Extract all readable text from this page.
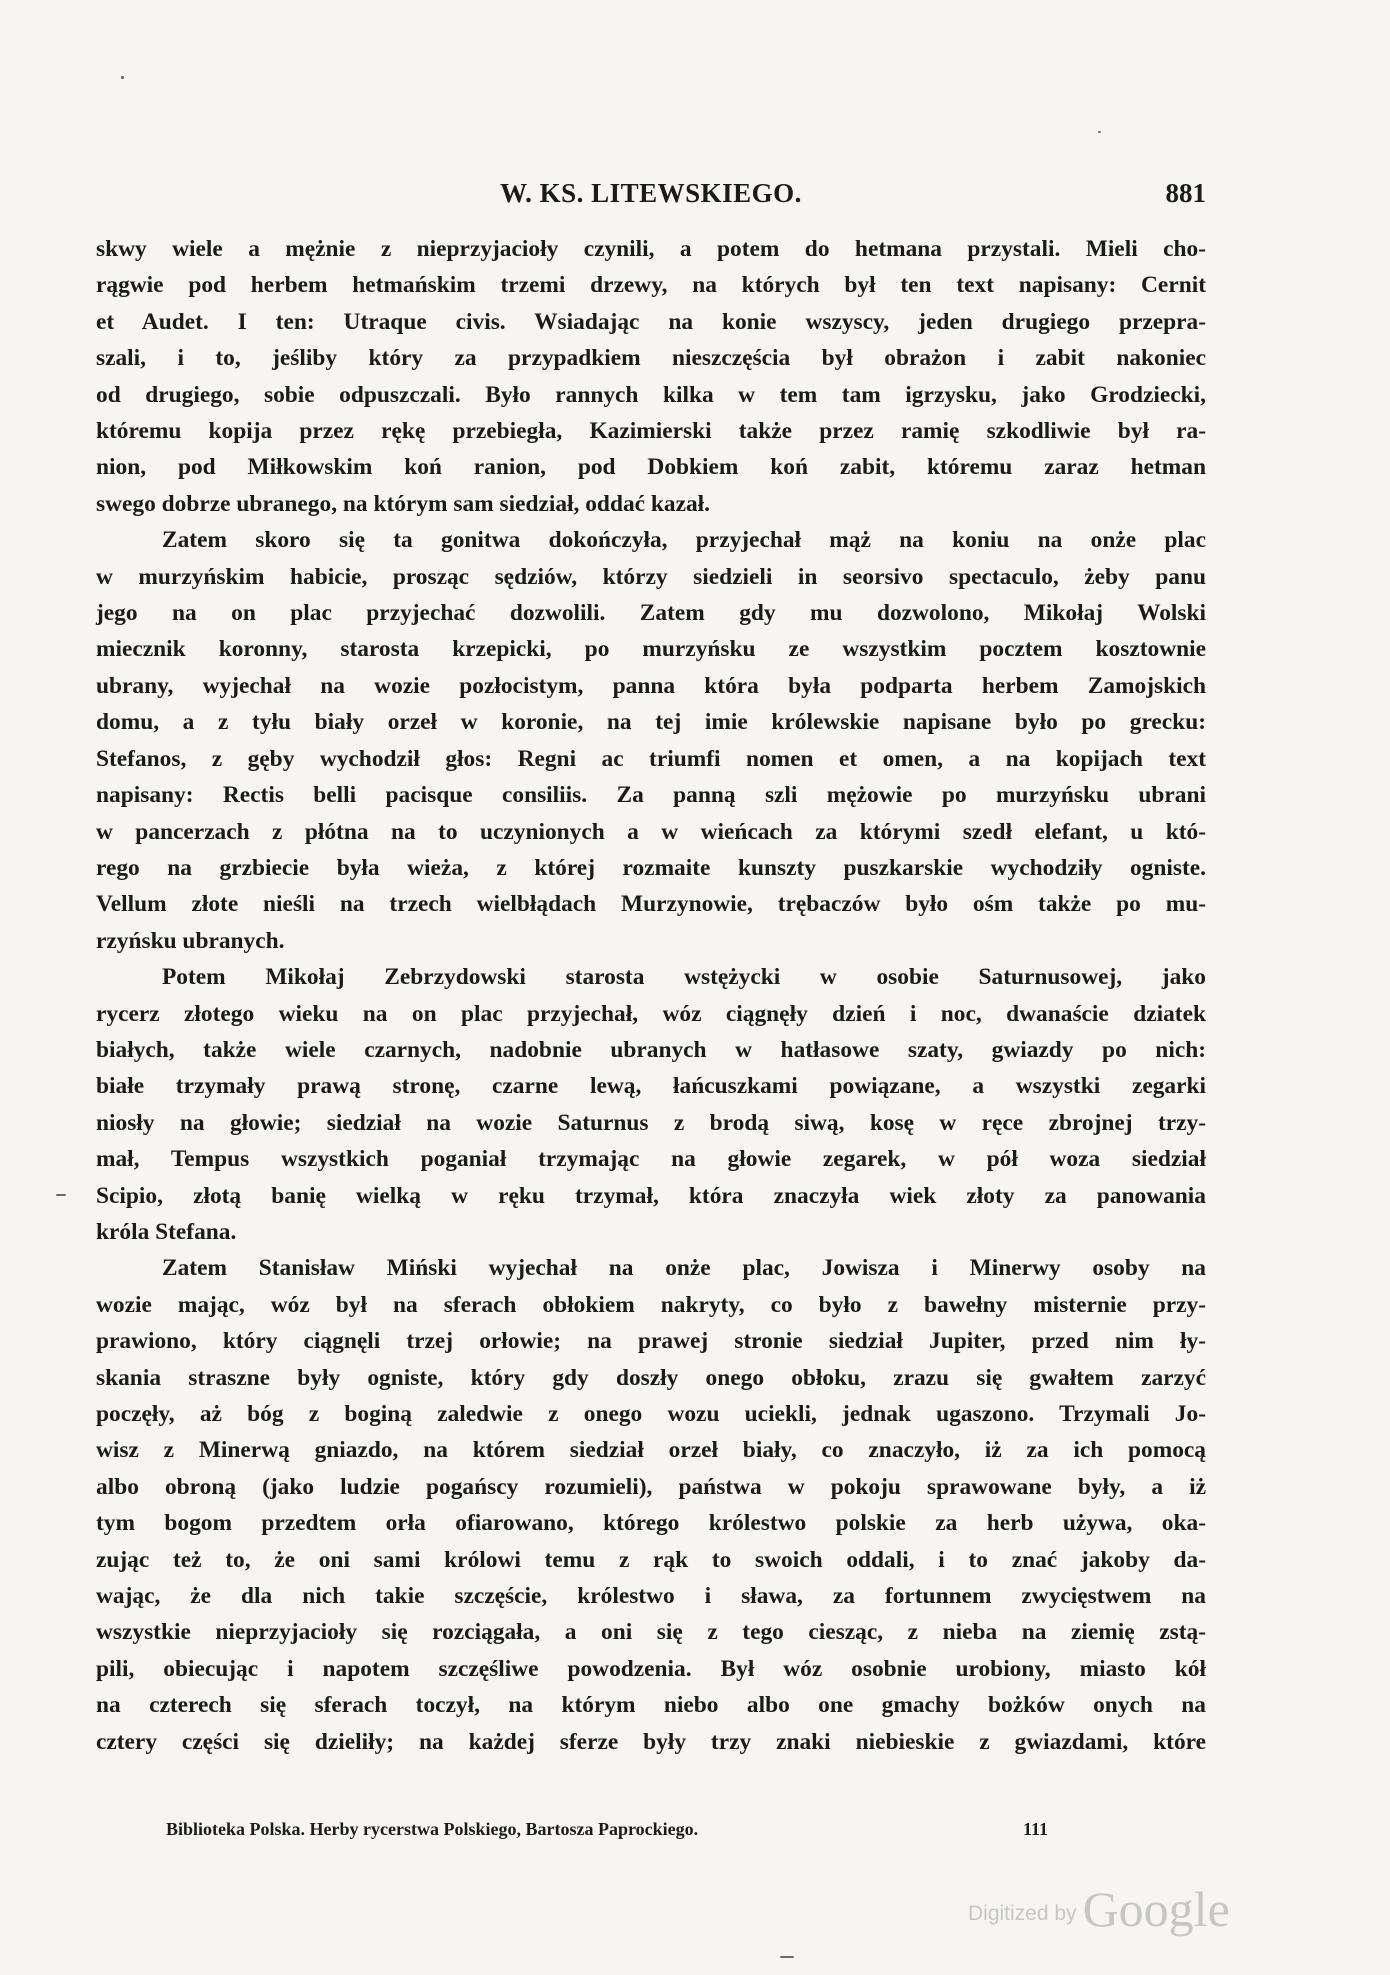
W. KS. LITEWSKIEGO.	881
skwy wiele a mężnie z nieprzyjacioły czynili, a potem do hetmana przystali. Mieli cho-
rągwie pod herbem hetmańskim trzemi drzewy, na których był ten text napisany: Cernit
et Audet. I ten: Utraque civis. Wsiadając na konie wszyscy, jeden drugiego przepra-
szali, i to, jeśliby który za przypadkiem nieszczęścia był obrażon i zabit nakoniec
od drugiego, sobie odpuszczali. Było rannych kilka w tem tam igrzysku, jako Grodziecki,
któremu kopija przez rękę przebiegła, Kazimierski także przez ramię szkodliwie był ra-
nion, pod Miłkowskim koń ranion, pod Dobkiem koń zabit, któremu zaraz hetman
swego dobrze ubranego, na którym sam siedział, oddać kazał.
Zatem skoro się ta gonitwa dokończyła, przyjechał mąż na koniu na onże plac
w murzyńskim habicie, prosząc sędziów, którzy siedzieli in seorsivo spectaculo, żeby panu
jego na on plac przyjechać dozwolili. Zatem gdy mu dozwolono, Mikołaj Wolski
miecznik koronny, starosta krzepicki, po murzyńsku ze wszystkim pocztem kosztownie
ubrany, wyjechał na wozie pozłocistym, panna która była podparta herbem Zamojskich
domu, a z tyłu biały orzeł w koronie, na tej imie królewskie napisane było po grecku:
Stefanos, z gęby wychodził głos: Regni ac triumfi nomen et omen, a na kopijach text
napisany: Rectis belli pacisque consiliis. Za panną szli mężowie po murzyńsku ubrani
w pancerzach z płótna na to uczynionych a w wieńcach za którymi szedł elefant, u któ-
rego na grzbiecie była wieża, z której rozmaite kunszty puszkarskie wychodziły ogniste.
Vellum złote nieśli na trzech wielbłądach Murzynowie, trębaczów było ośm także po mu-
rzyńsku ubranych.
Potem Mikołaj Zebrzydowski starosta wstężycki w osobie Saturnusowej, jako
rycerz złotego wieku na on plac przyjechał, wóz ciągnęły dzień i noc, dwanaście dziatek
białych, także wiele czarnych, nadobnie ubranych w hatłasowe szaty, gwiazdy po nich:
białe trzymały prawą stronę, czarne lewą, łańcuszkami powiązane, a wszystki zegarki
niosły na głowie; siedział na wozie Saturnus z brodą siwą, kosę w ręce zbrojnej trzy-
mał, Tempus wszystkich poganiał trzymając na głowie zegarek, w pół woza siedział
Scipio, złotą banię wielką w ręku trzymał, która znaczyła wiek złoty za panowania
króla Stefana.
Zatem Stanisław Miński wyjechał na onże plac, Jowisza i Minerwy osoby na
wozie mając, wóz był na sferach obłokiem nakryty, co było z bawełny misternie przy-
prawiono, który ciągnęli trzej orłowie; na prawej stronie siedział Jupiter, przed nim ły-
skania straszne były ogniste, który gdy doszły onego obłoku, zrazu się gwałtem zarzyć
poczęły, aż bóg z boginą zaledwie z onego wozu uciekli, jednak ugaszono. Trzymali Jo-
wisz z Minerwą gniazdo, na którem siedział orzeł biały, co znaczyło, iż za ich pomocą
albo obroną (jako ludzie pogańscy rozumieli), państwa w pokoju sprawowane były, a iż
tym bogom przedtem orła ofiarowano, którego królestwo polskie za herb używa, oka-
zując też to, że oni sami królowi temu z rąk to swoich oddali, i to znać jakoby da-
wając, że dla nich takie szczęście, królestwo i sława, za fortunnem zwycięstwem na
wszystkie nieprzyjacioły się rozciągała, a oni się z tego ciesząc, z nieba na ziemię zstą-
pili, obiecując i napotem szczęśliwe powodzenia. Był wóz osobnie urobiony, miasto kół
na czterech się sferach toczył, na którym niebo albo one gmachy bożków onych na
cztery części się dzieliły; na każdej sferze były trzy znaki niebieskie z gwiazdami, które
Biblioteka Polska. Herby rycerstwa Polskiego, Bartosza Paprockiego.	111
Digitized by Google
